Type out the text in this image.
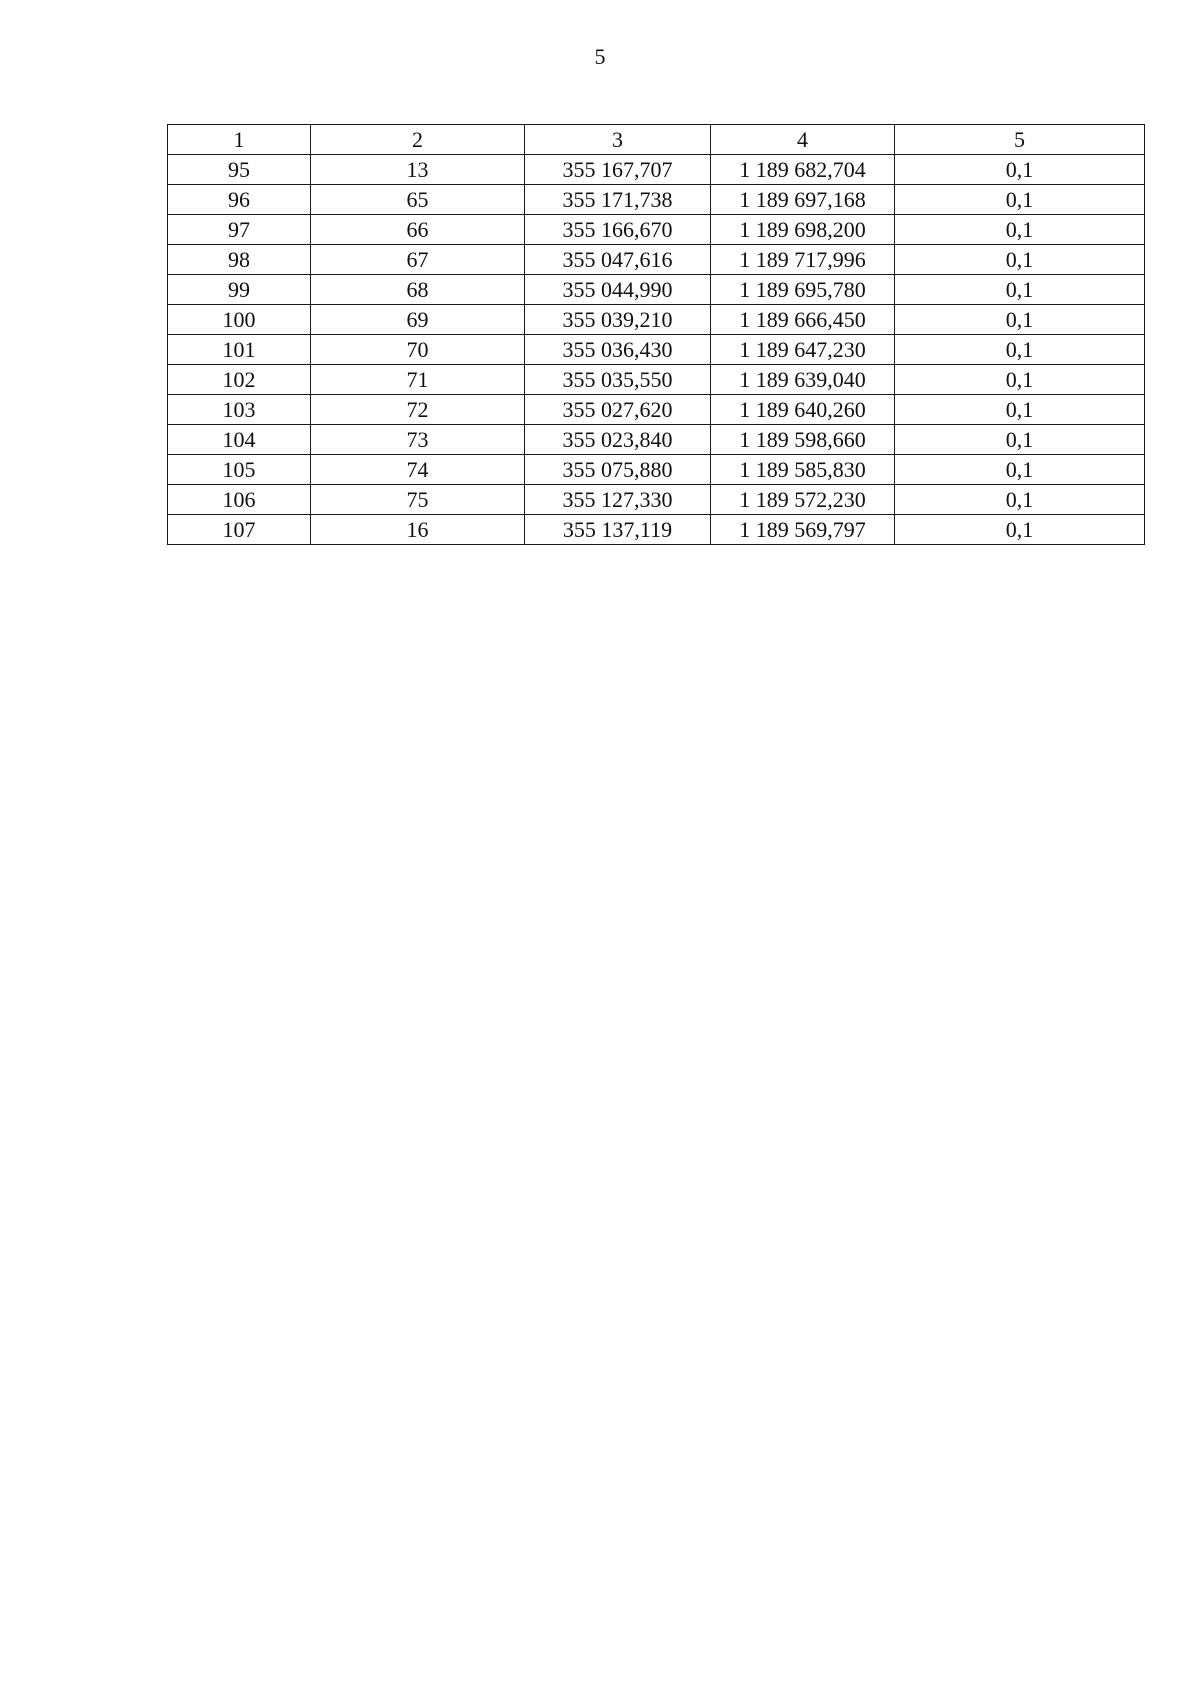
5
1	2	3	4	5
95	13	355 167,707	1 189 682,704	0,1
96	65	355 171,738	1 189 697,168	0,1
97	66	355 166,670	1 189 698,200	0,1
98	67	355 047,616	1 189 717,996	0,1
99	68	355 044,990	1 189 695,780	0,1
100	69	355 039,210	1 189 666,450	0,1
101	70	355 036,430	1 189 647,230	0,1
102	71	355 035,550	1 189 639,040	0,1
103	72	355 027,620	1 189 640,260	0,1
104	73	355 023,840	1 189 598,660	0,1
105	74	355 075,880	1 189 585,830	0,1
106	75	355 127,330	1 189 572,230	0,1
107	16	355 137,119	1 189 569,797	0,1
